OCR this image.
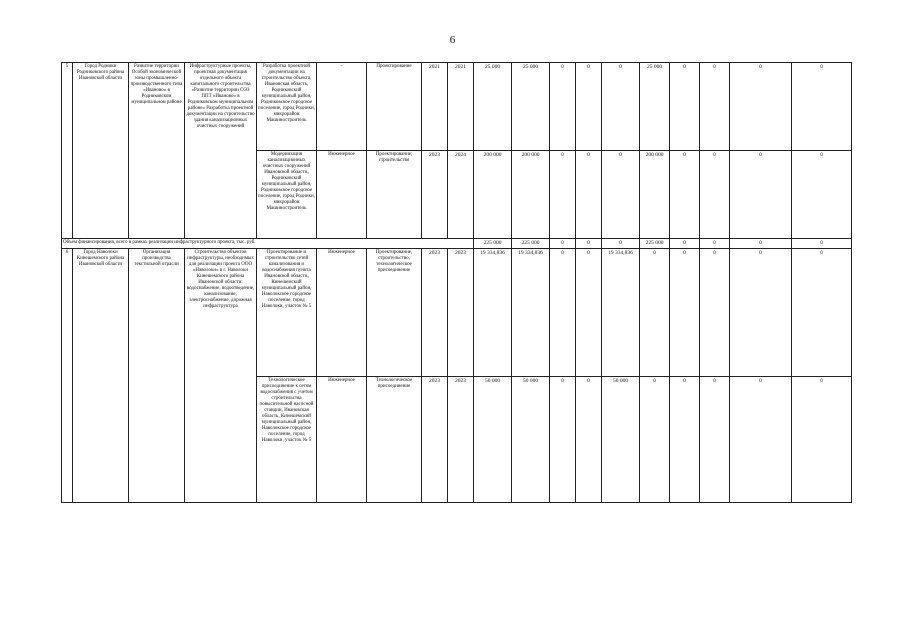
6
5	Город Родники Родниковского района Ивановской области	Развитие территории Особой экономической зоны промышленно-производственного типа «Иваново» в Родниковском муниципальном районе	Инфраструктурные проекты, проектная документация отдельного объекта капитального строительства «Развитие территории ОЭЗ ППТ «Иваново» в Родниковском муниципальном районе» Разработка проектной документации на строительство здания канализационных очистных сооружений	Разработка проектной документации на строительство объекта, Ивановская область, Родниковский муниципальный район, Родниковское городское поселение, город Родники, микрорайон Машиностроитель	-	Проектирование	2021	2021	25 000	25 000	0	0	0	25 000	0	0	0	0
				Модернизация канализационных очистных сооружений Ивановской области, Родниковский муниципальный район, Родниковское городское поселение, город Родники, микрорайон Машиностроитель	Инженерное	Проектирование, строительство	2023	2024	200 000	200 000	0	0	0	200 000	0	0	0	0
Объем финансирования, всего в рамках реализации инфраструктурного проекта, тыс. руб.									225 000	225 000	0	0	0	225 000	0	0	0	0
6	Город Наволоки Кинешемского района Ивановской области	Организация производства текстильной отрасли	Строительство объектов инфраструктуры, необходимых для реализации проекта ООО «Наволоки» в г. Наволоки Кинешемского района Ивановской области: водоснабжение, водоотведение, канализование, электроснабжение, дорожная инфраструктура	Проектирование и строительство сетей канализования и водоснабжения пункта Ивановской области, Кинешемский муниципальный район, Наволокское городское поселение, город Наволоки, участок № 5	Инженерное	Проектирование, строительство, технологическое присоединение	2023	2023	19 334,836	19 334,836	0	0	19 334,836	0	0	0	0	0
				Технологическое присоединение к сетям водоснабжения с учетом строительства повысительной насосной станции, Ивановская область, Кинешемский муниципальный район, Наволокское городское поселение, город Наволоки, участок № 5	Инженерное	Технологическое присоединение	2023	2023	50 000	50 000	0	0	50 000	0	0	0	0	0
